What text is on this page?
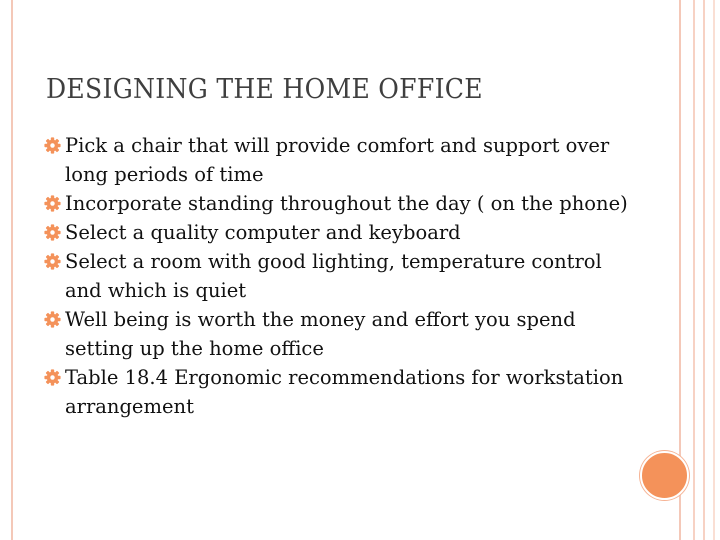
DESIGNING THE HOME OFFICE
Pick a chair that will provide comfort and support over long periods of time
Incorporate standing throughout the day ( on the phone)
Select a quality computer and keyboard
Select a room with good lighting, temperature control and which is quiet
Well being is worth the money and effort you spend setting up the home office
Table 18.4 Ergonomic recommendations for workstation arrangement
